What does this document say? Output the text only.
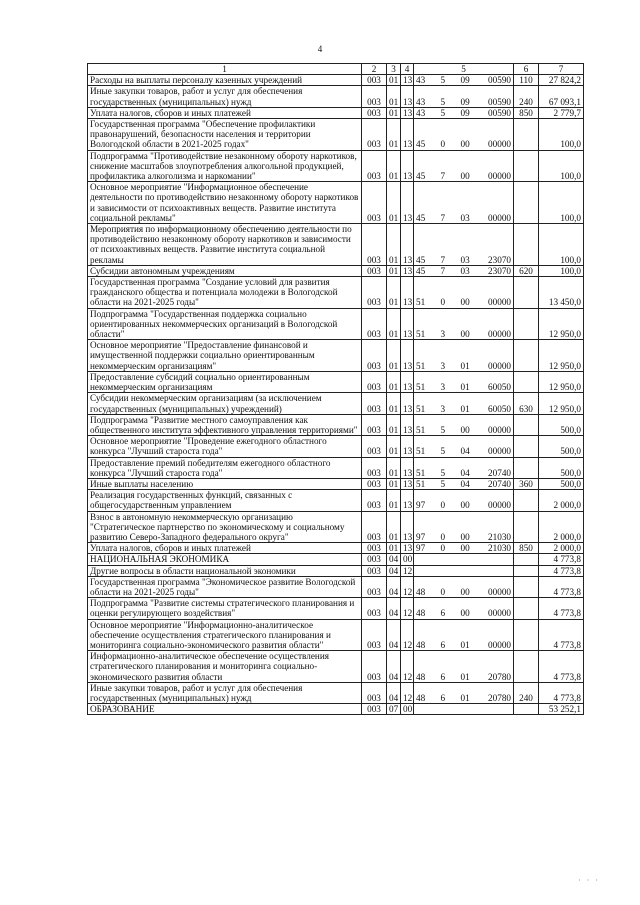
4
1	2	3	4	5	6	7
Расходы на выплаты персоналу казенных учреждений	003	01	13	43 5 09 00590	110	27 824,2
Иные закупки товаров, работ и услуг для обеспечения государственных (муниципальных) нужд	003	01	13	43 5 09 00590	240	67 093,1
Уплата налогов, сборов и иных платежей	003	01	13	43 5 09 00590	850	2 779,7
Государственная программа "Обеспечение профилактики правонарушений, безопасности населения и территории Вологодской области в 2021-2025 годах"	003	01	13	45 0 00 00000		100,0
Подпрограмма "Противодействие незаконному обороту наркотиков, снижение масштабов злоупотребления алкогольной продукцией, профилактика алкоголизма и наркомании"	003	01	13	45 7 00 00000		100,0
Основное мероприятие "Информационное обеспечение деятельности по противодействию незаконному обороту наркотиков и зависимости от психоактивных веществ. Развитие института социальной рекламы"	003	01	13	45 7 03 00000		100,0
Мероприятия по информационному обеспечению деятельности по противодействию незаконному обороту наркотиков и зависимости от психоактивных веществ. Развитие института социальной рекламы	003	01	13	45 7 03 23070		100,0
Субсидии автономным учреждениям	003	01	13	45 7 03 23070	620	100,0
Государственная программа "Создание условий для развития гражданского общества и потенциала молодежи в Вологодской области на 2021-2025 годы"	003	01	13	51 0 00 00000		13 450,0
Подпрограмма "Государственная поддержка социально ориентированных некоммерческих организаций в Вологодской области"	003	01	13	51 3 00 00000		12 950,0
Основное мероприятие "Предоставление финансовой и имущественной поддержки социально ориентированным некоммерческим организациям"	003	01	13	51 3 01 00000		12 950,0
Предоставление субсидий социально ориентированным некоммерческим организациям	003	01	13	51 3 01 60050		12 950,0
Субсидии некоммерческим организациям (за исключением государственных (муниципальных) учреждений)	003	01	13	51 3 01 60050	630	12 950,0
Подпрограмма "Развитие местного самоуправления как общественного института эффективного управления территориями"	003	01	13	51 5 00 00000		500,0
Основное мероприятие "Проведение ежегодного областного конкурса "Лучший староста года"	003	01	13	51 5 04 00000		500,0
Предоставление премий победителям ежегодного областного конкурса "Лучший староста года"	003	01	13	51 5 04 20740		500,0
Иные выплаты населению	003	01	13	51 5 04 20740	360	500,0
Реализация государственных функций, связанных с общегосударственным управлением	003	01	13	97 0 00 00000		2 000,0
Взнос в автономную некоммерческую организацию "Стратегическое партнерство по экономическому и социальному развитию Северо-Западного федерального округа"	003	01	13	97 0 00 21030		2 000,0
Уплата налогов, сборов и иных платежей	003	01	13	97 0 00 21030	850	2 000,0
НАЦИОНАЛЬНАЯ ЭКОНОМИКА	003	04	00			4 773,8
Другие вопросы в области национальной экономики	003	04	12			4 773,8
Государственная программа "Экономическое развитие Вологодской области на 2021-2025 годы"	003	04	12	48 0 00 00000		4 773,8
Подпрограмма "Развитие системы стратегического планирования и оценки регулирующего воздействия"	003	04	12	48 6 00 00000		4 773,8
Основное мероприятие "Информационно-аналитическое обеспечение осуществления стратегического планирования и мониторинга социально-экономического развития области"	003	04	12	48 6 01 00000		4 773,8
Информационно-аналитическое обеспечение осуществления стратегического планирования и мониторинга социально-экономического развития области	003	04	12	48 6 01 20780		4 773,8
Иные закупки товаров, работ и услуг для обеспечения государственных (муниципальных) нужд	003	04	12	48 6 01 20780	240	4 773,8
ОБРАЗОВАНИЕ	003	07	00			53 252,1
· · ·
